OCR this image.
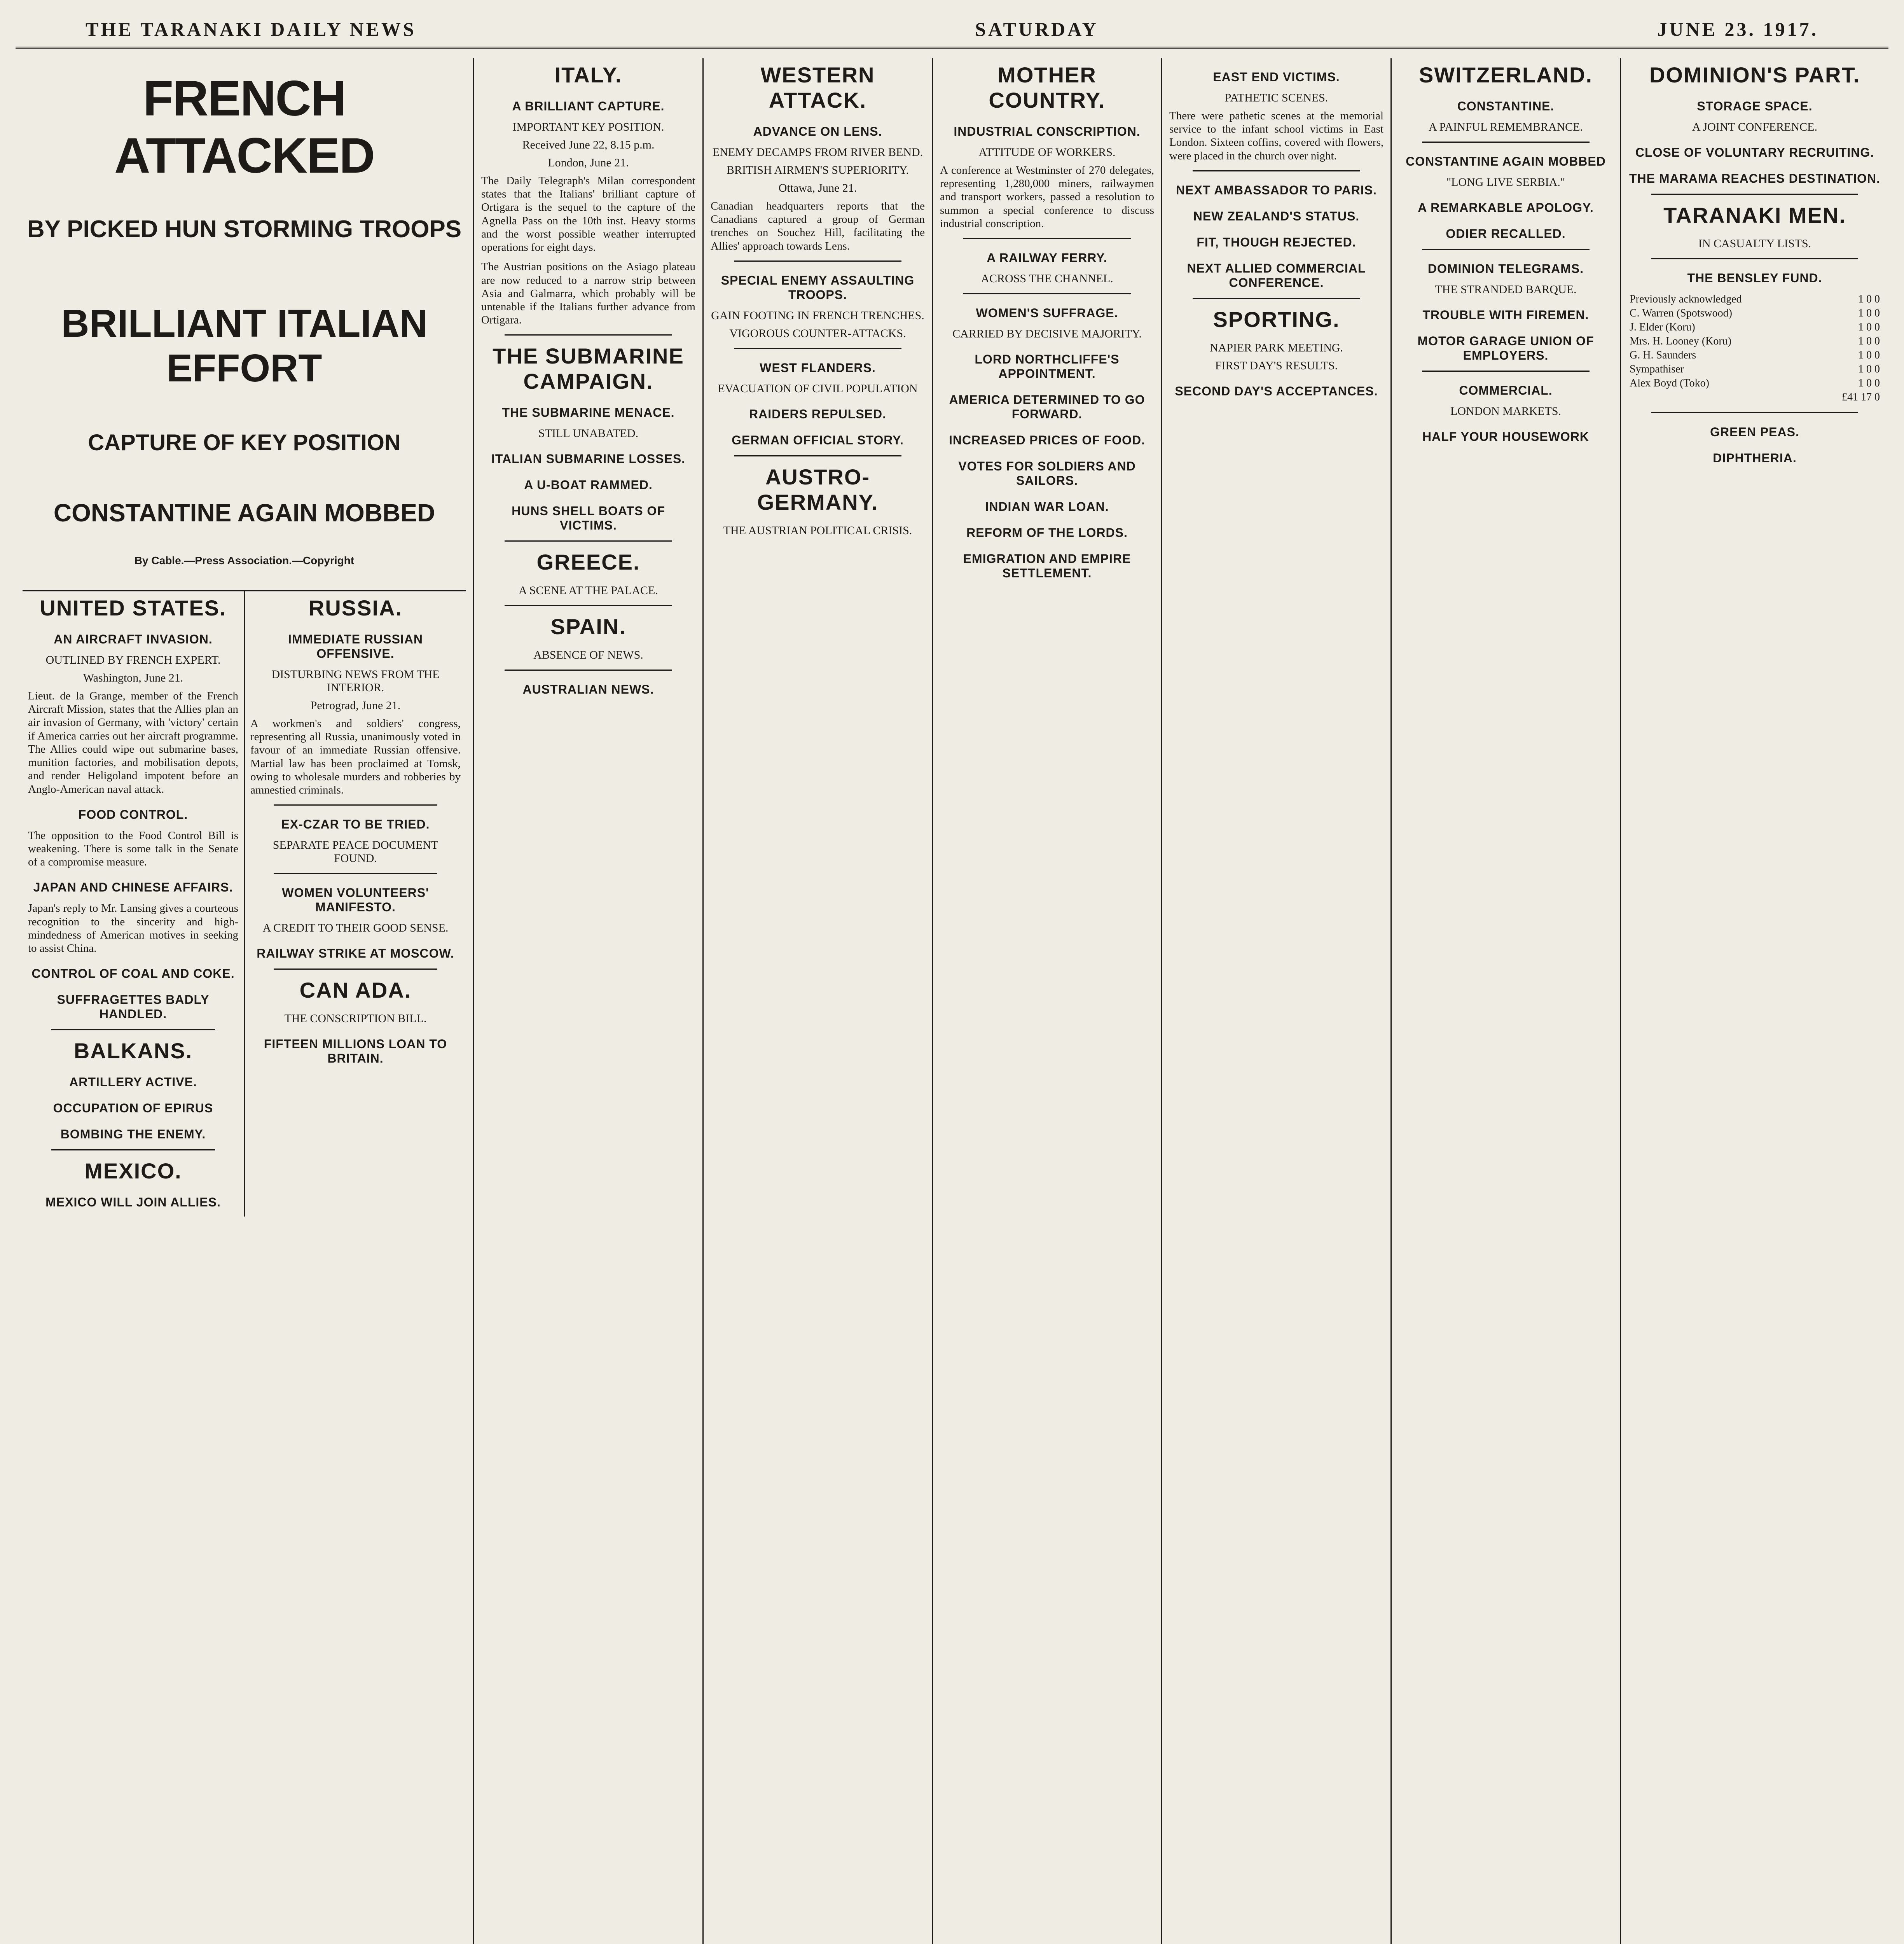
THE TARANAKI DAILY NEWS	SATURDAY	JUNE 23. 1917.
FRENCH ATTACKED
BY PICKED HUN STORMING TROOPS
BRILLIANT ITALIAN EFFORT
CAPTURE OF KEY POSITION
CONSTANTINE AGAIN MOBBED
By Cable.—Press Association.—Copyright
UNITED STATES.
AN AIRCRAFT INVASION.
OUTLINED BY FRENCH EXPERT.
Washington, June 21.

Lieut. de la Grange, member of the French Aircraft Mission, states that the Allies plan an air invasion of Germany, with 'victory' certain if America carries out her aircraft programme. The Allies could wipe out submarine bases, munition factories, and mobilisation depots, and render Heligoland impotent before an Anglo-American naval attack.

FOOD CONTROL.

The opposition to the Food Control Bill is weakening. There is some talk in the Senate of a compromise measure.

JAPAN AND CHINESE AFFAIRS.

Japan's reply to Mr. Lansing gives a courteous recognition to the sincerity and high-mindedness of American motives in seeking to assist China.

CONTROL OF COAL AND COKE.
SUFFRAGETTES BADLY HANDLED.
BALKANS.
ARTILLERY ACTIVE.
OCCUPATION OF EPIRUS
BOMBING THE ENEMY.
MEXICO.
MEXICO WILL JOIN ALLIES.
RUSSIA.
IMMEDIATE RUSSIAN OFFENSIVE.
DISTURBING NEWS FROM THE INTERIOR.
Petrograd, June 21.

A workmen's and soldiers' congress, representing all Russia, unanimously voted in favour of an immediate Russian offensive. Martial law has been proclaimed at Tomsk, owing to wholesale murders and robberies by amnestied criminals.

EX-CZAR TO BE TRIED.
SEPARATE PEACE DOCUMENT FOUND.
WOMEN VOLUNTEERS' MANIFESTO.
A CREDIT TO THEIR GOOD SENSE.
RAILWAY STRIKE AT MOSCOW.
CAN ADA.
THE CONSCRIPTION BILL.
FIFTEEN MILLIONS LOAN TO BRITAIN.
ITALY.
A BRILLIANT CAPTURE.
IMPORTANT KEY POSITION.
Received June 22, 8.15 p.m.
London, June 21.

The Daily Telegraph's Milan correspondent states that the Italians' brilliant capture of Ortigara is the sequel to the capture of the Agnella Pass on the 10th inst. Heavy storms and the worst possible weather interrupted operations for eight days.

The Austrian positions on the Asiago plateau are now reduced to a narrow strip between Asia and Galmarra, which probably will be untenable if the Italians further advance from Ortigara.

THE SUBMARINE CAMPAIGN.
THE SUBMARINE MENACE.
STILL UNABATED.
ITALIAN SUBMARINE LOSSES.
A U-BOAT RAMMED.
HUNS SHELL BOATS OF VICTIMS.
GREECE.
A SCENE AT THE PALACE.
SPAIN.
ABSENCE OF NEWS.
AUSTRALIAN NEWS.
WESTERN ATTACK.
ADVANCE ON LENS.
ENEMY DECAMPS FROM RIVER BEND.
BRITISH AIRMEN'S SUPERIORITY.
Ottawa, June 21.

Canadian headquarters reports that the Canadians captured a group of German trenches on Souchez Hill, facilitating the Allies' approach towards Lens.

SPECIAL ENEMY ASSAULTING TROOPS.
GAIN FOOTING IN FRENCH TRENCHES.
VIGOROUS COUNTER-ATTACKS.
WEST FLANDERS.
EVACUATION OF CIVIL POPULATION
RAIDERS REPULSED.
GERMAN OFFICIAL STORY.
AUSTRO-GERMANY.
THE AUSTRIAN POLITICAL CRISIS.
MOTHER COUNTRY.
INDUSTRIAL CONSCRIPTION.
ATTITUDE OF WORKERS.

A conference at Westminster of 270 delegates, representing 1,280,000 miners, railwaymen and transport workers, passed a resolution to summon a special conference to discuss industrial conscription.

A RAILWAY FERRY.
ACROSS THE CHANNEL.
WOMEN'S SUFFRAGE.
CARRIED BY DECISIVE MAJORITY.
LORD NORTHCLIFFE'S APPOINTMENT.
AMERICA DETERMINED TO GO FORWARD.
INCREASED PRICES OF FOOD.
VOTES FOR SOLDIERS AND SAILORS.
INDIAN WAR LOAN.
REFORM OF THE LORDS.
EMIGRATION AND EMPIRE SETTLEMENT.
EAST END VICTIMS.
PATHETIC SCENES.

There were pathetic scenes at the memorial service to the infant school victims in East London. Sixteen coffins, covered with flowers, were placed in the church over night.

NEXT AMBASSADOR TO PARIS.
NEW ZEALAND'S STATUS.
FIT, THOUGH REJECTED.
NEXT ALLIED COMMERCIAL CONFERENCE.
SPORTING.
NAPIER PARK MEETING.
FIRST DAY'S RESULTS.
SECOND DAY'S ACCEPTANCES.
SWITZERLAND.
CONSTANTINE.
A PAINFUL REMEMBRANCE.
CONSTANTINE AGAIN MOBBED
"LONG LIVE SERBIA."
A REMARKABLE APOLOGY.
ODIER RECALLED.
DOMINION TELEGRAMS.
THE STRANDED BARQUE.
TROUBLE WITH FIREMEN.
MOTOR GARAGE UNION OF EMPLOYERS.
COMMERCIAL.
LONDON MARKETS.
HALF YOUR HOUSEWORK
DOMINION'S PART.
STORAGE SPACE.
A JOINT CONFERENCE.
CLOSE OF VOLUNTARY RECRUITING.
THE MARAMA REACHES DESTINATION.
TARANAKI MEN.
IN CASUALTY LISTS.
THE BENSLEY FUND.
Previously acknowledged	1 0 0
C. Warren (Spotswood)	1 0 0
J. Elder (Koru)	1 0 0
Mrs. H. Looney (Koru)	1 0 0
G. H. Saunders	1 0 0
Sympathiser	1 0 0
Alex Boyd (Toko)	1 0 0
	£41 17 0
GREEN PEAS.
DIPHTHERIA.
